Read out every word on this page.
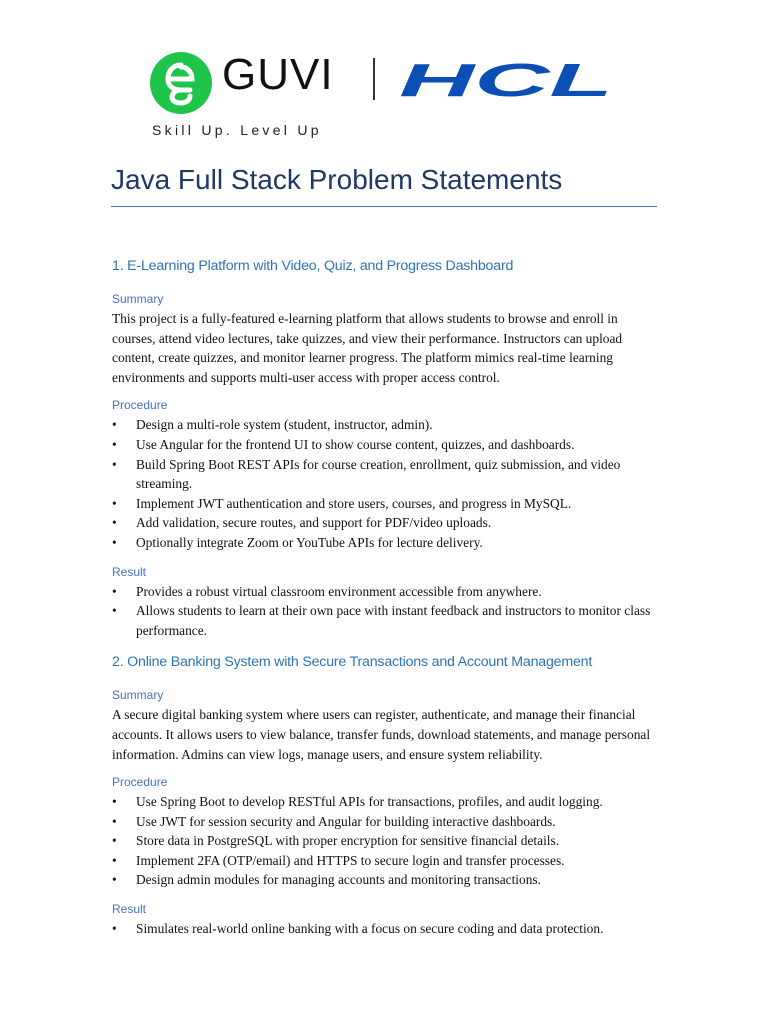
GUVI HCL
Skill Up. Level Up
Java Full Stack Problem Statements
1. E-Learning Platform with Video, Quiz, and Progress Dashboard
Summary

This project is a fully-featured e-learning platform that allows students to browse and enroll in courses, attend video lectures, take quizzes, and view their performance. Instructors can upload content, create quizzes, and monitor learner progress. The platform mimics real-time learning environments and supports multi-user access with proper access control.

Procedure
• Design a multi-role system (student, instructor, admin).
• Use Angular for the frontend UI to show course content, quizzes, and dashboards.
• Build Spring Boot REST APIs for course creation, enrollment, quiz submission, and video streaming.
• Implement JWT authentication and store users, courses, and progress in MySQL.
• Add validation, secure routes, and support for PDF/video uploads.
• Optionally integrate Zoom or YouTube APIs for lecture delivery.
Result
• Provides a robust virtual classroom environment accessible from anywhere.
• Allows students to learn at their own pace with instant feedback and instructors to monitor class performance.
2. Online Banking System with Secure Transactions and Account Management
Summary

A secure digital banking system where users can register, authenticate, and manage their financial accounts. It allows users to view balance, transfer funds, download statements, and manage personal information. Admins can view logs, manage users, and ensure system reliability.

Procedure
• Use Spring Boot to develop RESTful APIs for transactions, profiles, and audit logging.
• Use JWT for session security and Angular for building interactive dashboards.
• Store data in PostgreSQL with proper encryption for sensitive financial details.
• Implement 2FA (OTP/email) and HTTPS to secure login and transfer processes.
• Design admin modules for managing accounts and monitoring transactions.
Result
• Simulates real-world online banking with a focus on secure coding and data protection.
